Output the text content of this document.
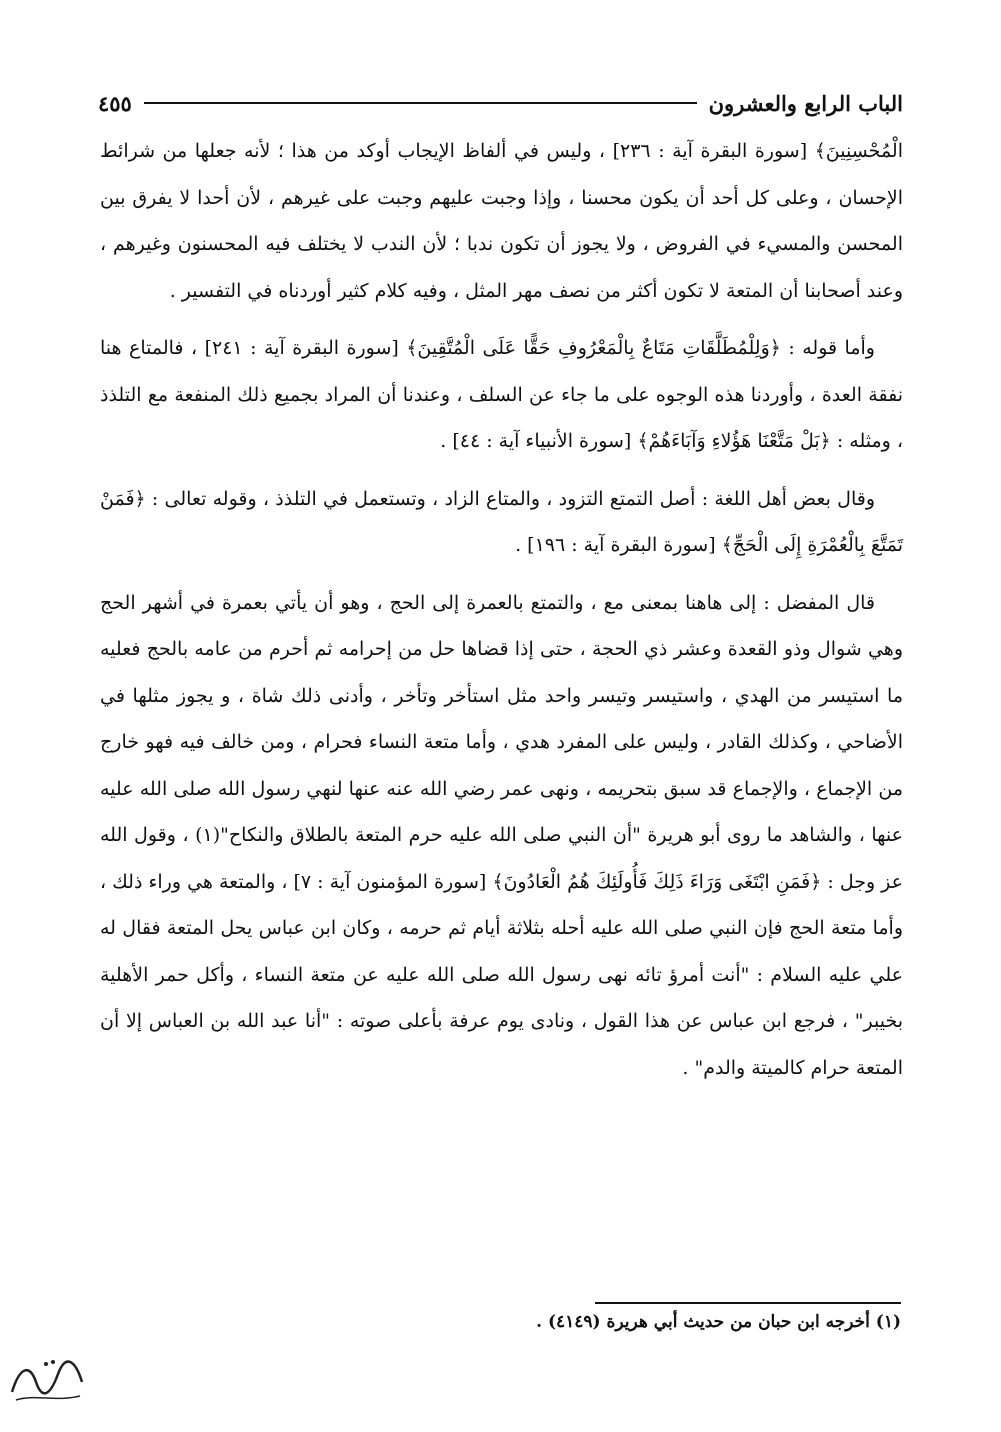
الباب الرابع والعشرون
٤٥٥

الْمُحْسِنِينَ﴾ [سورة البقرة آية : ٢٣٦] ، وليس في ألفاظ الإيجاب أوكد من هذا ؛ لأنه جعلها من شرائط الإحسان ، وعلى كل أحد أن يكون محسنا ، وإذا وجبت عليهم وجبت على غيرهم ، لأن أحدا لا يفرق بين المحسن والمسيء في الفروض ، ولا يجوز أن تكون ندبا ؛ لأن الندب لا يختلف فيه المحسنون وغيرهم ، وعند أصحابنا أن المتعة لا تكون أكثر من نصف مهر المثل ، وفيه كلام كثير أوردناه في التفسير .

وأما قوله : ﴿وَلِلْمُطَلَّقَاتِ مَتَاعٌ بِالْمَعْرُوفِ حَقًّا عَلَى الْمُتَّقِينَ﴾ [سورة البقرة آية : ٢٤١] ، فالمتاع هنا نفقة العدة ، وأوردنا هذه الوجوه على ما جاء عن السلف ، وعندنا أن المراد بجميع ذلك المنفعة مع التلذذ ، ومثله : ﴿بَلْ مَتَّعْنَا هَؤُلاءِ وَآبَاءَهُمْ﴾ [سورة الأنبياء آية : ٤٤] .

وقال بعض أهل اللغة : أصل التمتع التزود ، والمتاع الزاد ، وتستعمل في التلذذ ، وقوله تعالى : ﴿فَمَنْ تَمَتَّعَ بِالْعُمْرَةِ إِلَى الْحَجِّ﴾ [سورة البقرة آية : ١٩٦] .

قال المفضل : إلى هاهنا بمعنى مع ، والتمتع بالعمرة إلى الحج ، وهو أن يأتي بعمرة في أشهر الحج وهي شوال وذو القعدة وعشر ذي الحجة ، حتى إذا قضاها حل من إحرامه ثم أحرم من عامه بالحج فعليه ما استيسر من الهدي ، واستيسر وتيسر واحد مثل استأخر وتأخر ، وأدنى ذلك شاة ، و يجوز مثلها في الأضاحي ، وكذلك القادر ، وليس على المفرد هدي ، وأما متعة النساء فحرام ، ومن خالف فيه فهو خارج من الإجماع ، والإجماع قد سبق بتحريمه ، ونهى عمر رضي الله عنه عنها لنهي رسول الله صلى الله عليه عنها ، والشاهد ما روى أبو هريرة "أن النبي صلى الله عليه حرم المتعة بالطلاق والنكاح"(١) ، وقول الله عز وجل : ﴿فَمَنِ ابْتَغَى وَرَاءَ ذَلِكَ فَأُولَئِكَ هُمُ الْعَادُونَ﴾ [سورة المؤمنون آية : ٧] ، والمتعة هي وراء ذلك ، وأما متعة الحج فإن النبي صلى الله عليه أحله بثلاثة أيام ثم حرمه ، وكان ابن عباس يحل المتعة فقال له علي عليه السلام : "أنت أمرؤ تائه نهى رسول الله صلى الله عليه عن متعة النساء ، وأكل حمر الأهلية بخيبر" ، فرجع ابن عباس عن هذا القول ، ونادى يوم عرفة بأعلى صوته : "أنا عبد الله بن العباس إلا أن المتعة حرام كالميتة والدم" .

(١) أخرجه ابن حبان من حديث أبي هريرة (٤١٤٩) .
